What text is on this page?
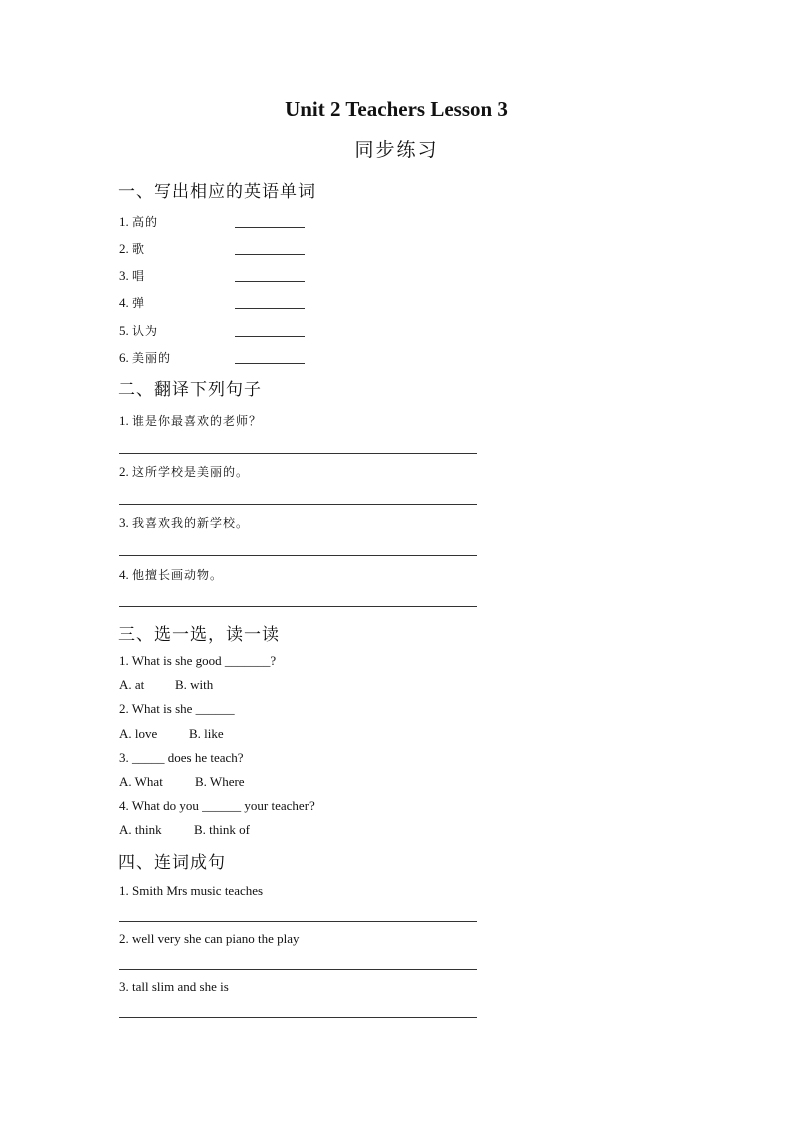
Unit 2 Teachers Lesson 3
同步练习
一、写出相应的英语单词
1. 高的
2. 歌
3. 唱
4. 弹
5. 认为
6. 美丽的
二、翻译下列句子
1. 谁是你最喜欢的老师？
2. 这所学校是美丽的。
3. 我喜欢我的新学校。
4. 他擅长画动物。
三、选一选，读一读
1. What is she good _______?
A. at B. with
2. What is she ______
A. love B. like
3. _____ does he teach?
A. What B. Where
4. What do you ______ your teacher?
A. think B. think of
四、连词成句
1. Smith Mrs music teaches
2. well very she can piano the play
3. tall slim and she is
